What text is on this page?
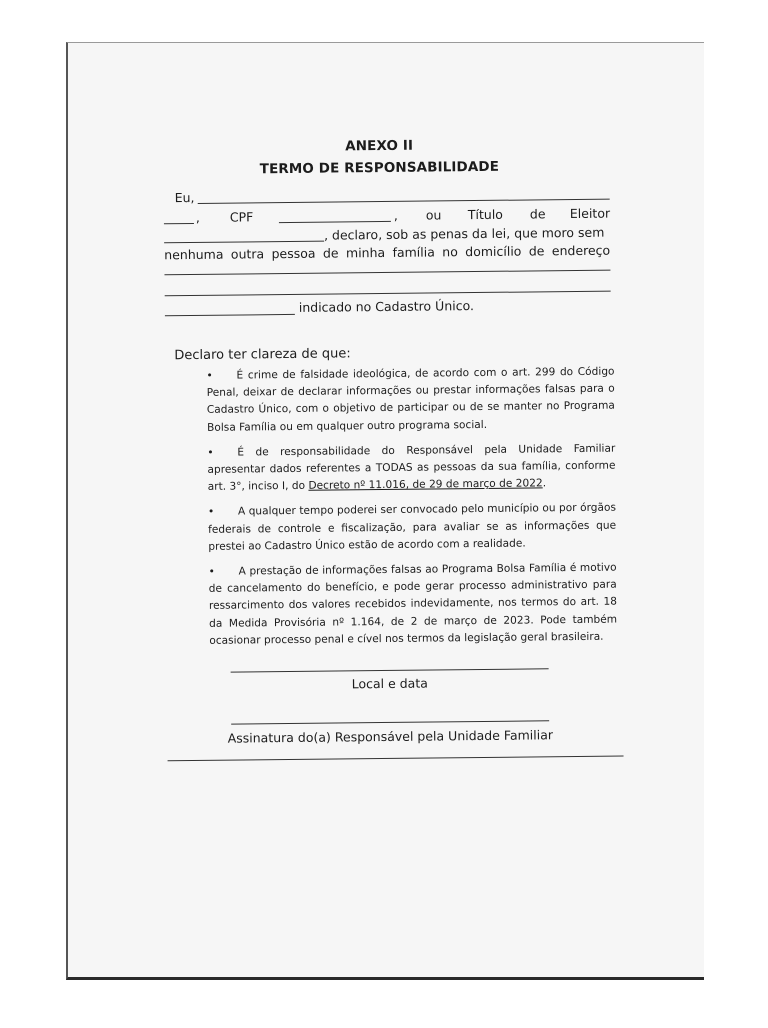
ANEXO II
TERMO DE RESPONSABILIDADE
Eu,
, CPF	, ou Título de Eleitor
, declaro, sob as penas da lei, que moro sem
nenhuma outra pessoa de minha família no domicílio de endereço
indicado no Cadastro Único.
Declaro ter clareza de que:
• É crime de falsidade ideológica, de acordo com o art. 299 do Código Penal, deixar de declarar informações ou prestar informações falsas para o Cadastro Único, com o objetivo de participar ou de se manter no Programa Bolsa Família ou em qualquer outro programa social.
• É de responsabilidade do Responsável pela Unidade Familiar apresentar dados referentes a TODAS as pessoas da sua família, conforme art. 3°, inciso I, do Decreto nº 11.016, de 29 de março de 2022.
• A qualquer tempo poderei ser convocado pelo município ou por órgãos federais de controle e fiscalização, para avaliar se as informações que prestei ao Cadastro Único estão de acordo com a realidade.
• A prestação de informações falsas ao Programa Bolsa Família é motivo de cancelamento do benefício, e pode gerar processo administrativo para ressarcimento dos valores recebidos indevidamente, nos termos do art. 18 da Medida Provisória nº 1.164, de 2 de março de 2023. Pode também ocasionar processo penal e cível nos termos da legislação geral brasileira.
Local e data
Assinatura do(a) Responsável pela Unidade Familiar
